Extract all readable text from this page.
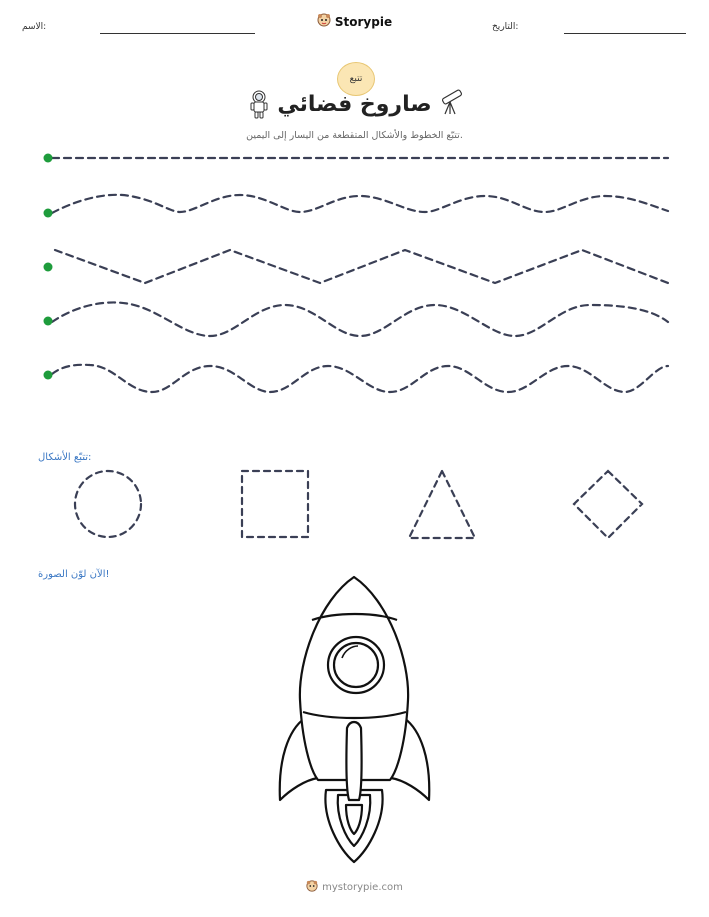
الاسم:	Storypie	التاريخ:
تتبع
صاروخ فضائي
تتبّع الخطوط والأشكال المتقطعة من اليسار إلى اليمين.
تتبّع الأشكال:
الآن لوّن الصورة!
mystorypie.com
